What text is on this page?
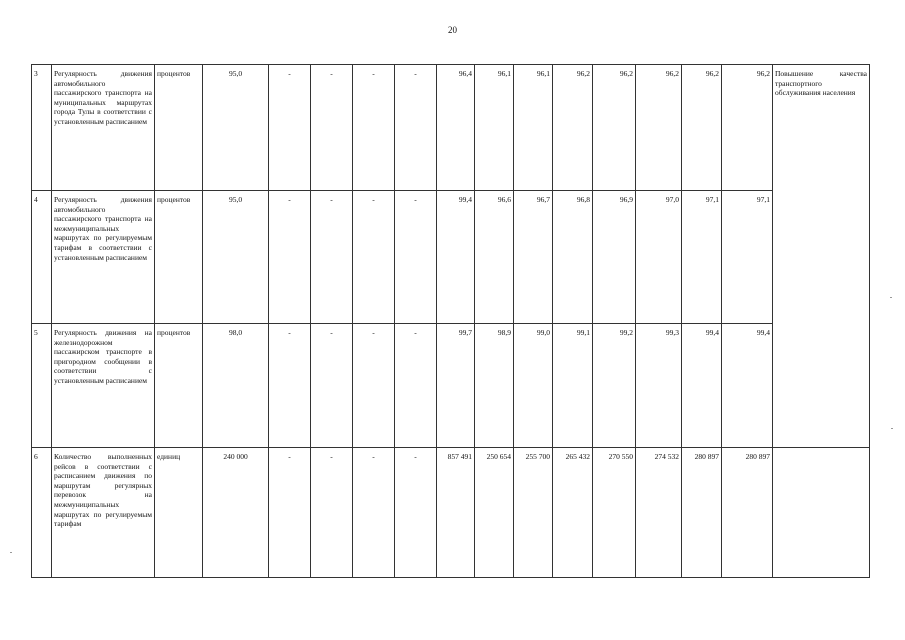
20
3	Регулярность движения автомобильного пассажирского транспорта на муниципальных маршрутах города Тулы в соответствии с установленным расписанием	процентов	95,0	-	-	-	-	96,4	96,1	96,1	96,2	96,2	96,2	96,2	96,2	Повышение качества транспортного обслуживания населения
4	Регулярность движения автомобильного пассажирского транспорта на межмуниципальных маршрутах по регулируемым тарифам в соответствии с установленным расписанием	процентов	95,0	-	-	-	-	99,4	96,6	96,7	96,8	96,9	97,0	97,1	97,1	
5	Регулярность движения на железнодорожном пассажирском транспорте в пригородном сообщении в соответствии с установленным расписанием	процентов	98,0	-	-	-	-	99,7	98,9	99,0	99,1	99,2	99,3	99,4	99,4	
6	Количество выполненных рейсов в соответствии с расписанием движения по маршрутам регулярных перевозок на межмуниципальных маршрутах по регулируемым тарифам	единиц	240 000	-	-	-	-	857 491	250 654	255 700	265 432	270 550	274 532	280 897	280 897	
